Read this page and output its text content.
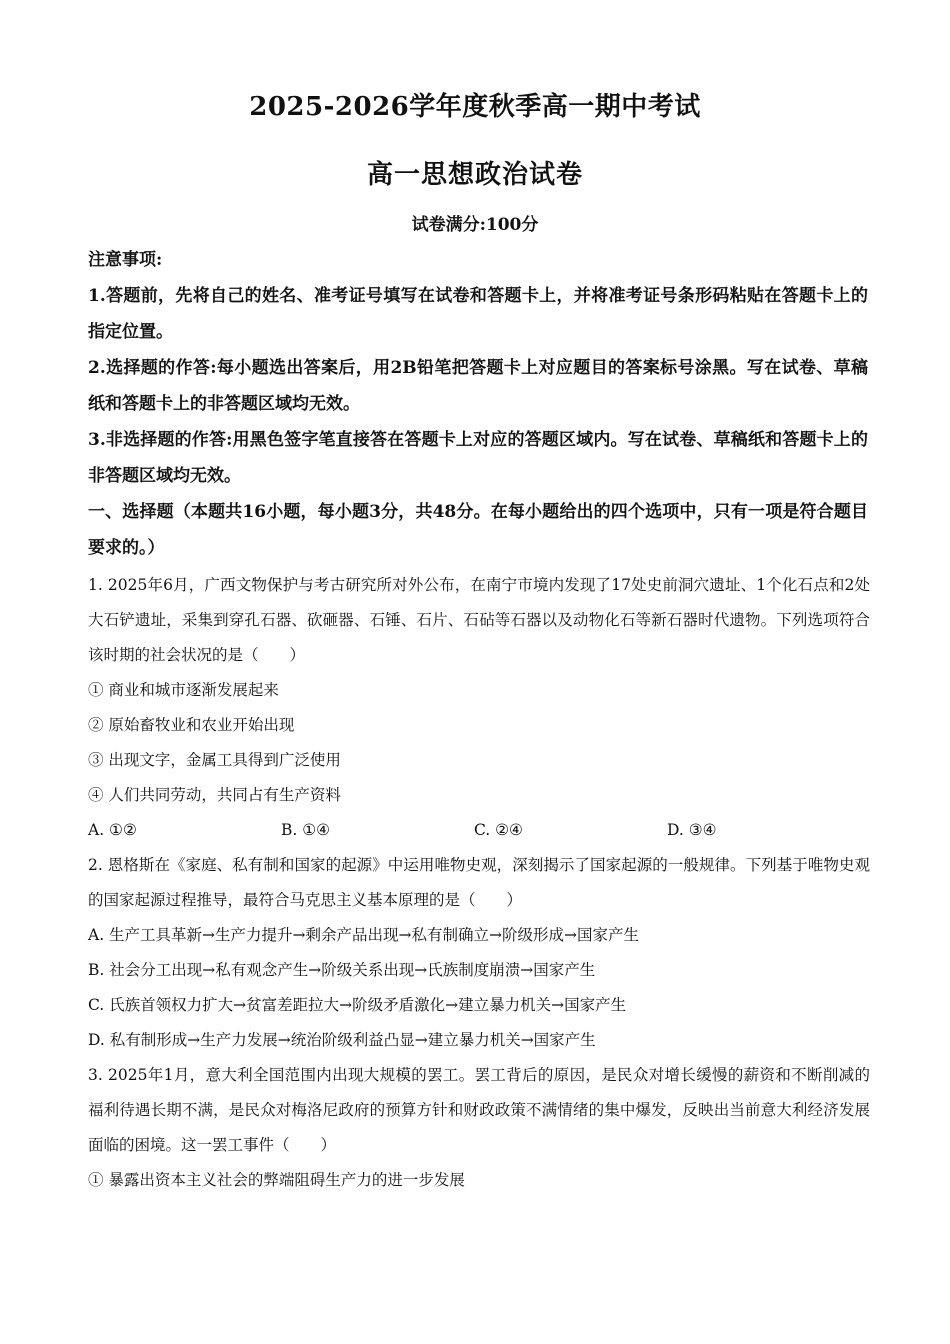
2025-2026学年度秋季高一期中考试
高一思想政治试卷
试卷满分:100分

注意事项:

1.答题前，先将自己的姓名、准考证号填写在试卷和答题卡上，并将准考证号条形码粘贴在答题卡上的指定位置。

2.选择题的作答:每小题选出答案后，用2B铅笔把答题卡上对应题目的答案标号涂黑。写在试卷、草稿纸和答题卡上的非答题区域均无效。

3.非选择题的作答:用黑色签字笔直接答在答题卡上对应的答题区域内。写在试卷、草稿纸和答题卡上的非答题区域均无效。

一、选择题（本题共16小题，每小题3分，共48分。在每小题给出的四个选项中，只有一项是符合题目要求的。）

1. 2025年6月，广西文物保护与考古研究所对外公布，在南宁市境内发现了17处史前洞穴遗址、1个化石点和2处大石铲遗址，采集到穿孔石器、砍砸器、石锤、石片、石砧等石器以及动物化石等新石器时代遗物。下列选项符合该时期的社会状况的是（　　）

① 商业和城市逐渐发展起来

② 原始畜牧业和农业开始出现

③ 出现文字，金属工具得到广泛使用

④ 人们共同劳动，共同占有生产资料

A. ①②	B. ①④	C. ②④	D. ③④

2. 恩格斯在《家庭、私有制和国家的起源》中运用唯物史观，深刻揭示了国家起源的一般规律。下列基于唯物史观的国家起源过程推导，最符合马克思主义基本原理的是（　　）

A. 生产工具革新→生产力提升→剩余产品出现→私有制确立→阶级形成→国家产生

B. 社会分工出现→私有观念产生→阶级关系出现→氏族制度崩溃→国家产生

C. 氏族首领权力扩大→贫富差距拉大→阶级矛盾激化→建立暴力机关→国家产生

D. 私有制形成→生产力发展→统治阶级利益凸显→建立暴力机关→国家产生

3. 2025年1月，意大利全国范围内出现大规模的罢工。罢工背后的原因，是民众对增长缓慢的薪资和不断削减的福利待遇长期不满，是民众对梅洛尼政府的预算方针和财政政策不满情绪的集中爆发，反映出当前意大利经济发展面临的困境。这一罢工事件（　　）

① 暴露出资本主义社会的弊端阻碍生产力的进一步发展
